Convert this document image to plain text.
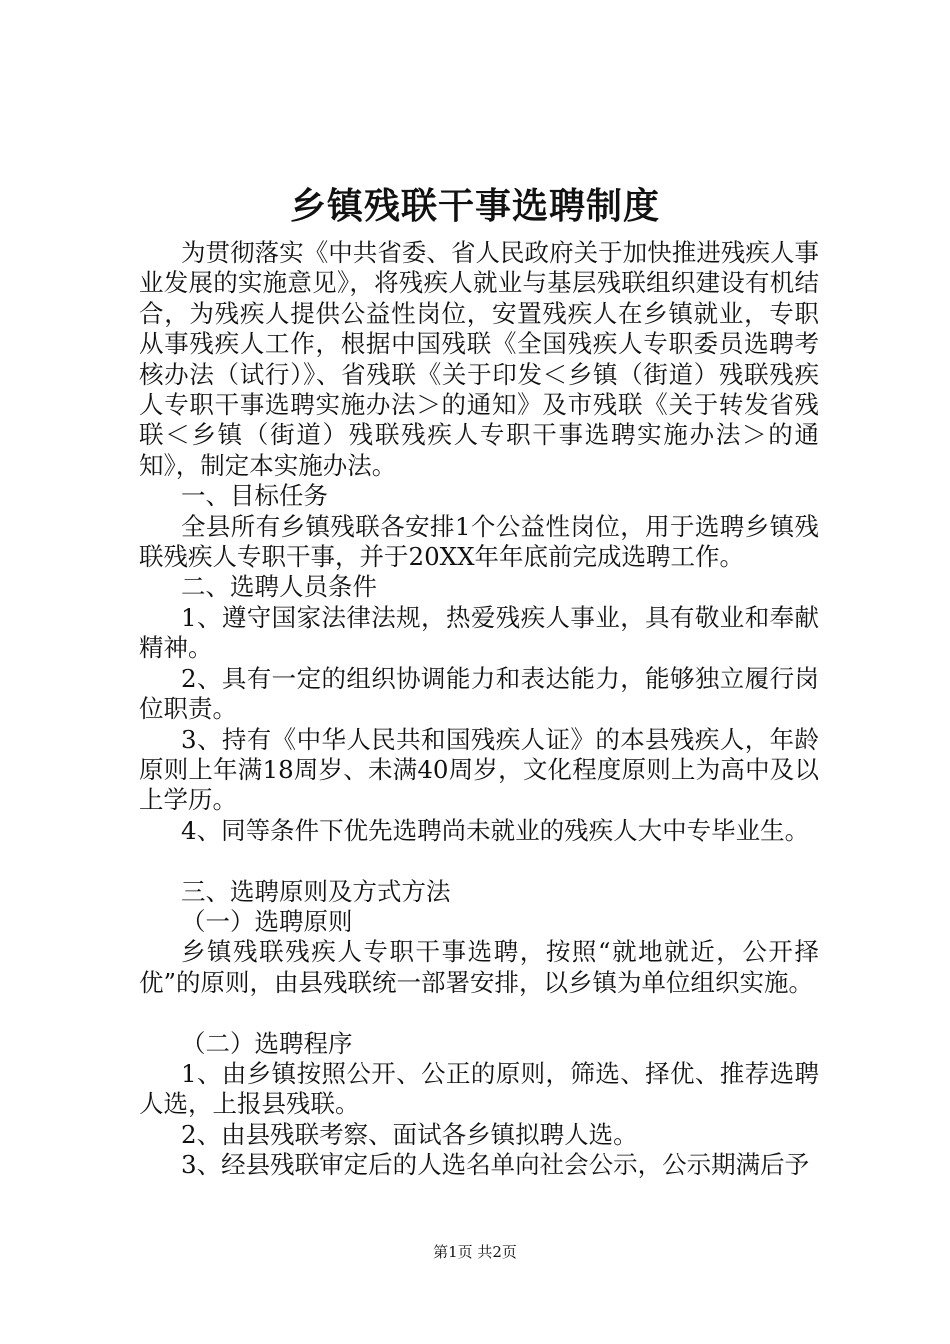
乡镇残联干事选聘制度

为贯彻落实《中共省委、省人民政府关于加快推进残疾人事业发展的实施意见》，将残疾人就业与基层残联组织建设有机结合，为残疾人提供公益性岗位，安置残疾人在乡镇就业，专职从事残疾人工作，根据中国残联《全国残疾人专职委员选聘考核办法（试行）》、省残联《关于印发＜乡镇（街道）残联残疾人专职干事选聘实施办法＞的通知》及市残联《关于转发省残联＜乡镇（街道）残联残疾人专职干事选聘实施办法＞的通知》，制定本实施办法。

一、目标任务

全县所有乡镇残联各安排1个公益性岗位，用于选聘乡镇残联残疾人专职干事，并于20XX年年底前完成选聘工作。

二、选聘人员条件

1、遵守国家法律法规，热爱残疾人事业，具有敬业和奉献精神。

2、具有一定的组织协调能力和表达能力，能够独立履行岗位职责。

3、持有《中华人民共和国残疾人证》的本县残疾人，年龄原则上年满18周岁、未满40周岁，文化程度原则上为高中及以上学历。

4、同等条件下优先选聘尚未就业的残疾人大中专毕业生。

三、选聘原则及方式方法

（一）选聘原则

乡镇残联残疾人专职干事选聘，按照“就地就近，公开择优”的原则，由县残联统一部署安排，以乡镇为单位组织实施。

（二）选聘程序

1、由乡镇按照公开、公正的原则，筛选、择优、推荐选聘人选，上报县残联。

2、由县残联考察、面试各乡镇拟聘人选。

3、经县残联审定后的人选名单向社会公示，公示期满后予

第1页 共2页
